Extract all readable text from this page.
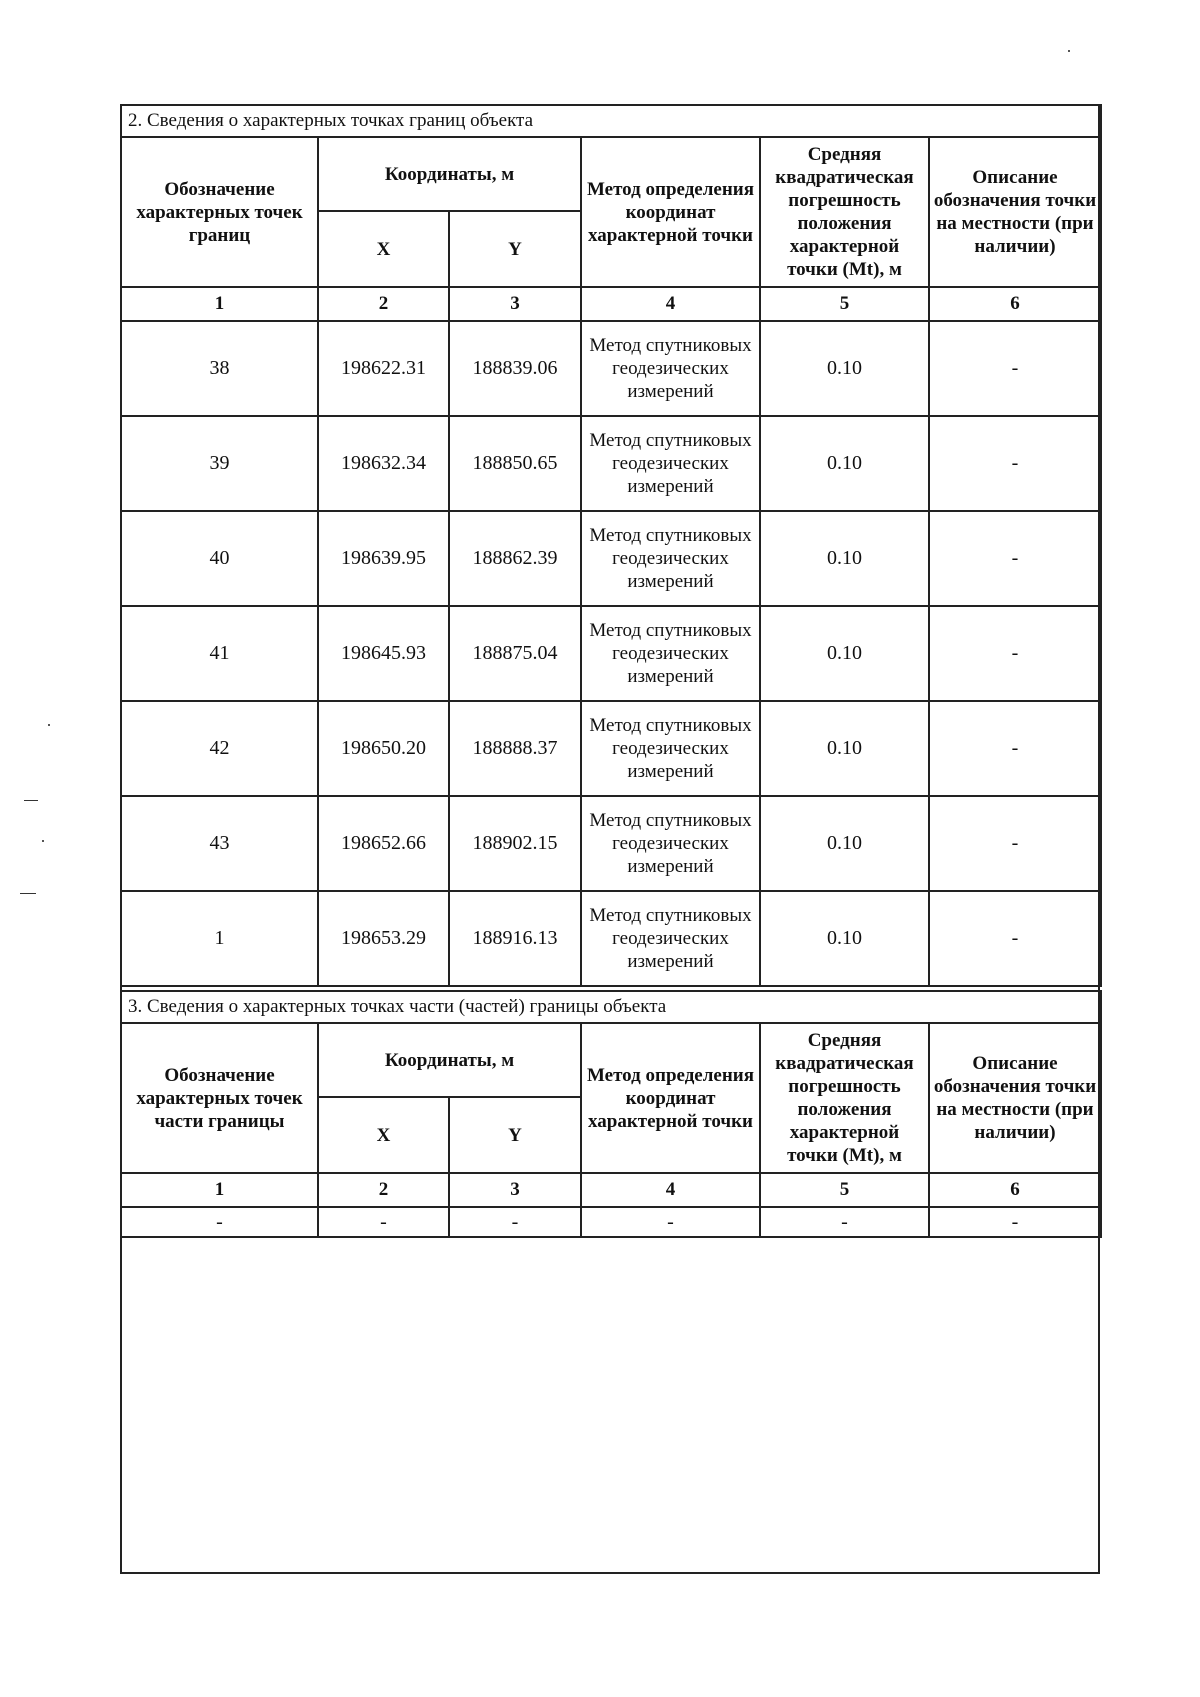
2. Сведения о характерных точках границ объекта					
Обозначение характерных точек границ	Координаты, м		Метод определения координат характерной точки	Средняя квадратическая погрешность положения характерной точки (Mt), м	Описание обозначения точки на местности (при наличии)
	X	Y			
1	2	3	4	5	6
38	198622.31	188839.06	Метод спутниковых геодезических измерений	0.10	-
39	198632.34	188850.65	Метод спутниковых геодезических измерений	0.10	-
40	198639.95	188862.39	Метод спутниковых геодезических измерений	0.10	-
41	198645.93	188875.04	Метод спутниковых геодезических измерений	0.10	-
42	198650.20	188888.37	Метод спутниковых геодезических измерений	0.10	-
43	198652.66	188902.15	Метод спутниковых геодезических измерений	0.10	-
1	198653.29	188916.13	Метод спутниковых геодезических измерений	0.10	-
3. Сведения о характерных точках части (частей) границы объекта					
Обозначение характерных точек части границы	Координаты, м		Метод определения координат характерной точки	Средняя квадратическая погрешность положения характерной точки (Mt), м	Описание обозначения точки на местности (при наличии)
	X	Y			
1	2	3	4	5	6
-	-	-	-	-	-
